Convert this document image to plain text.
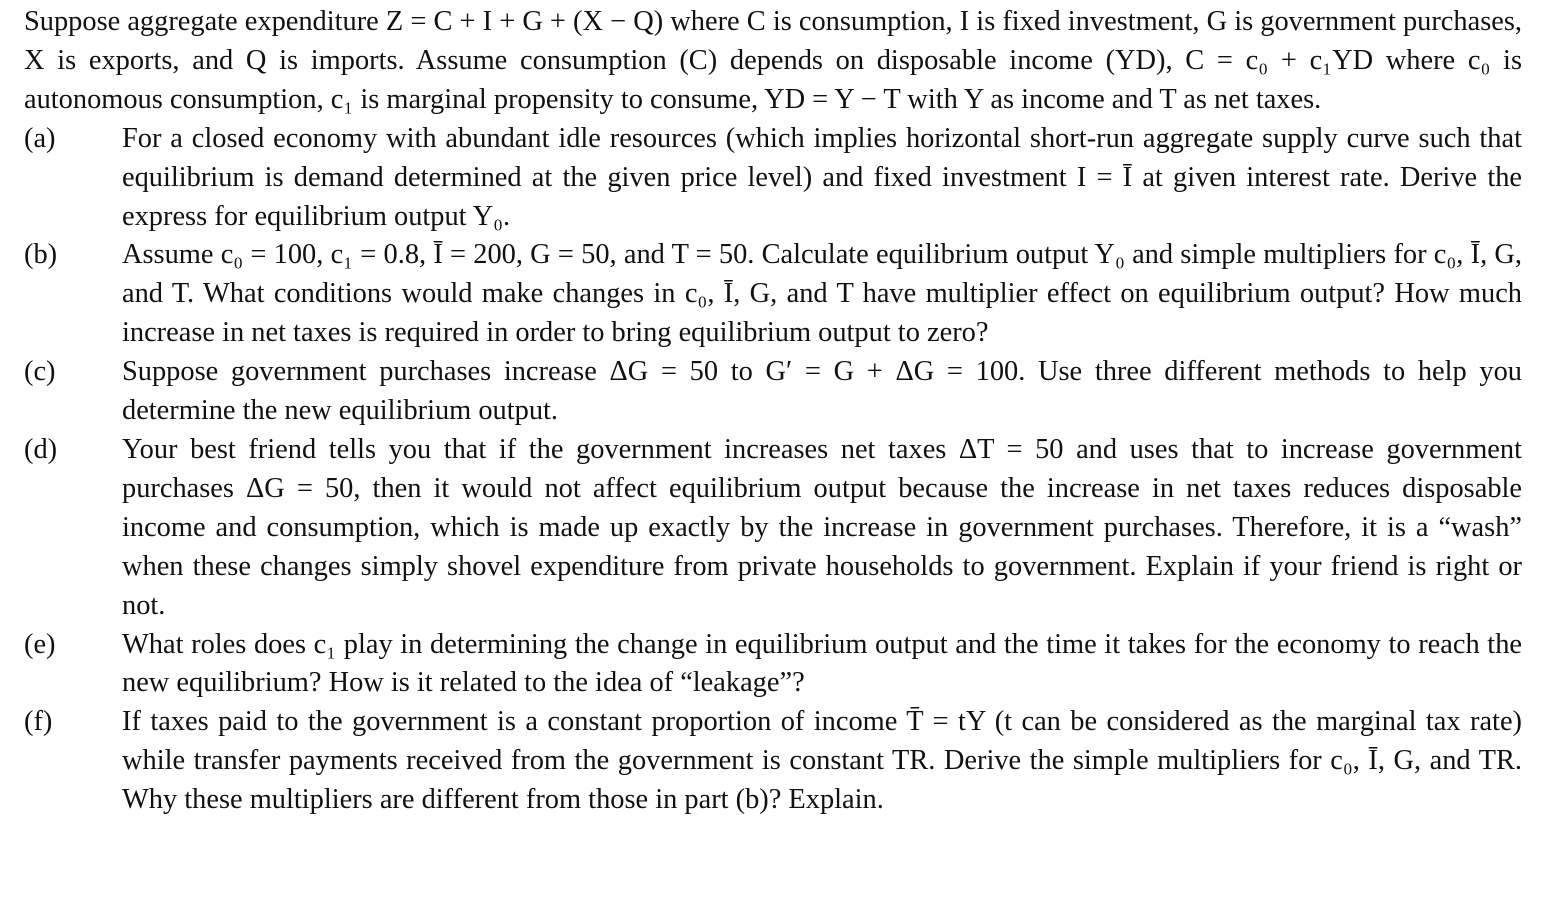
Suppose aggregate expenditure Z = C + I + G + (X − Q) where C is consumption, I is fixed investment, G is government purchases, X is exports, and Q is imports. Assume consumption (C) depends on disposable income (YD), C = c₀ + c₁YD where c₀ is autonomous consumption, c₁ is marginal propensity to consume, YD = Y − T with Y as income and T as net taxes.

(a)	For a closed economy with abundant idle resources (which implies horizontal short-run aggregate supply curve such that equilibrium is demand determined at the given price level) and fixed investment I = Ī at given interest rate. Derive the express for equilibrium output Y₀.

(b)	Assume c₀ = 100, c₁ = 0.8, Ī = 200, G = 50, and T = 50. Calculate equilibrium output Y₀ and simple multipliers for c₀, Ī, G, and T. What conditions would make changes in c₀, Ī, G, and T have multiplier effect on equilibrium output? How much increase in net taxes is required in order to bring equilibrium output to zero?

(c)	Suppose government purchases increase ΔG = 50 to G′ = G + ΔG = 100. Use three different methods to help you determine the new equilibrium output.

(d)	Your best friend tells you that if the government increases net taxes ΔT = 50 and uses that to increase government purchases ΔG = 50, then it would not affect equilibrium output because the increase in net taxes reduces disposable income and consumption, which is made up exactly by the increase in government purchases. Therefore, it is a “wash” when these changes simply shovel expenditure from private households to government. Explain if your friend is right or not.

(e)	What roles does c₁ play in determining the change in equilibrium output and the time it takes for the economy to reach the new equilibrium? How is it related to the idea of “leakage”?

(f)	If taxes paid to the government is a constant proportion of income T̄ = tY (t can be considered as the marginal tax rate) while transfer payments received from the government is constant TR. Derive the simple multipliers for c₀, Ī, G, and TR. Why these multipliers are different from those in part (b)? Explain.
